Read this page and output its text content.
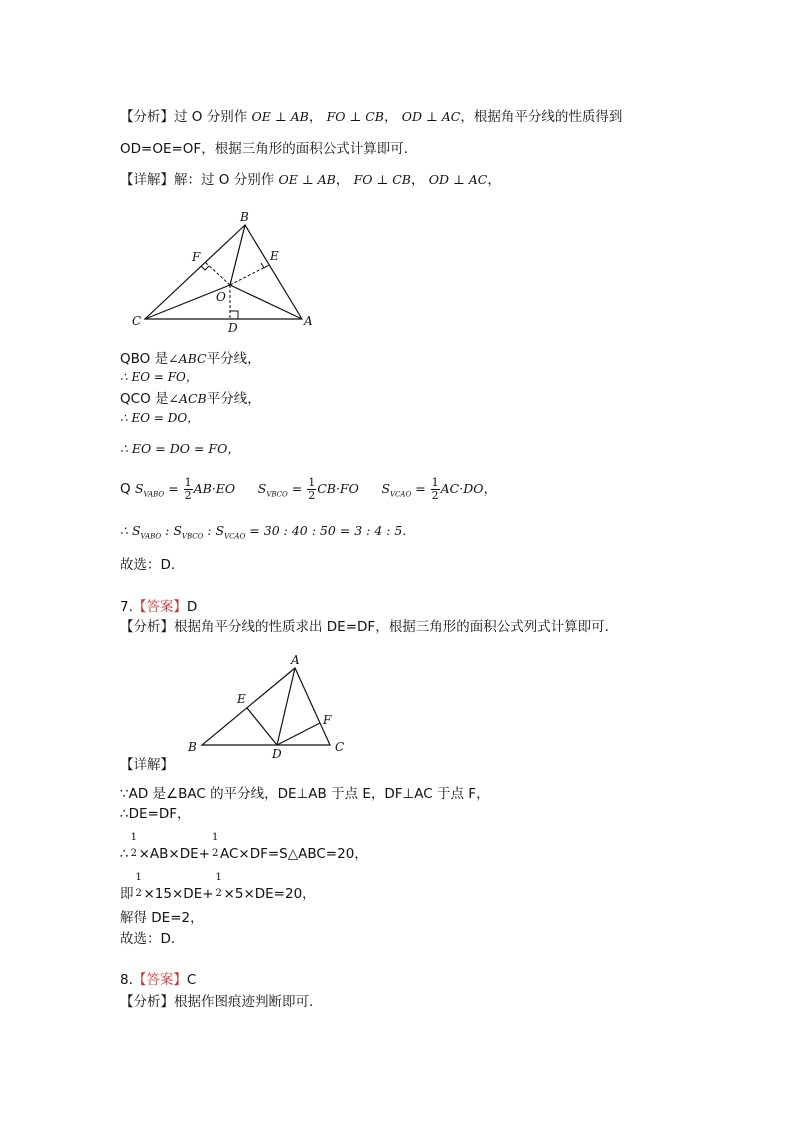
【分析】过 O 分别作 OE ⊥ AB， FO ⊥ CB， OD ⊥ AC，根据角平分线的性质得到
OD=OE=OF，根据三角形的面积公式计算即可．
【详解】解：过 O 分别作 OE ⊥ AB， FO ⊥ CB， OD ⊥ AC，
B
F	E
O
C	D	A
QBO 是∠ABC平分线，
∴ EO = FO，
QCO 是∠ACB平分线，
∴ EO = DO，
∴ EO = DO = FO，
Q $S_{VABO} = \frac{1}{2} AB\cdot EO$ $S_{VBCO} = \frac{1}{2} CB\cdot FO$ $S_{VCAO} = \frac{1}{2} AC\cdot DO$，
∴ $S_{VABO}$ : $S_{VBCO}$ : $S_{VCAO} = 30$ : 40 : 50 = 3 : 4 : 5.
故选：D．
7.【答案】D
【分析】根据角平分线的性质求出 DE=DF，根据三角形的面积公式列式计算即可．
A
E
F
B	D	C
【详解】
∵AD 是∠BAC 的平分线，DE⊥AB 于点 E，DF⊥AC 于点 F，
∴DE=DF，
∴
1
2 ×AB×DE+
1
2 AC×DF=S△ABC=20，
即
1
2 ×15×DE+
1
2 ×5×DE=20，
解得 DE=2，
故选：D．
8.【答案】C
【分析】根据作图痕迹判断即可．
